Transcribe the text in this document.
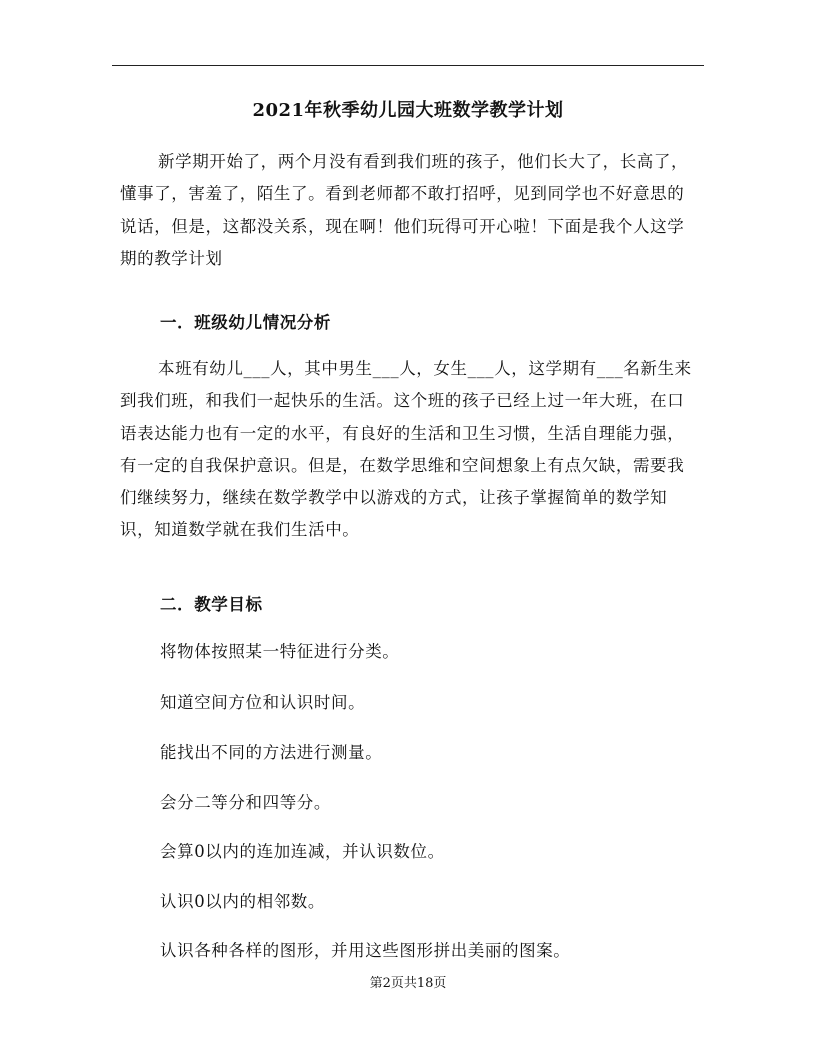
2021年秋季幼儿园大班数学教学计划

新学期开始了，两个月没有看到我们班的孩子，他们长大了，长高了，懂事了，害羞了，陌生了。看到老师都不敢打招呼，见到同学也不好意思的说话，但是，这都没关系，现在啊！他们玩得可开心啦！下面是我个人这学期的教学计划

一．班级幼儿情况分析

本班有幼儿___人，其中男生___人，女生___人，这学期有___名新生来到我们班，和我们一起快乐的生活。这个班的孩子已经上过一年大班，在口语表达能力也有一定的水平，有良好的生活和卫生习惯，生活自理能力强，有一定的自我保护意识。但是，在数学思维和空间想象上有点欠缺，需要我们继续努力，继续在数学教学中以游戏的方式，让孩子掌握简单的数学知识，知道数学就在我们生活中。

二．教学目标

将物体按照某一特征进行分类。

知道空间方位和认识时间。

能找出不同的方法进行测量。

会分二等分和四等分。

会算0以内的连加连减，并认识数位。

认识0以内的相邻数。

认识各种各样的图形，并用这些图形拼出美丽的图案。

第2页共18页
